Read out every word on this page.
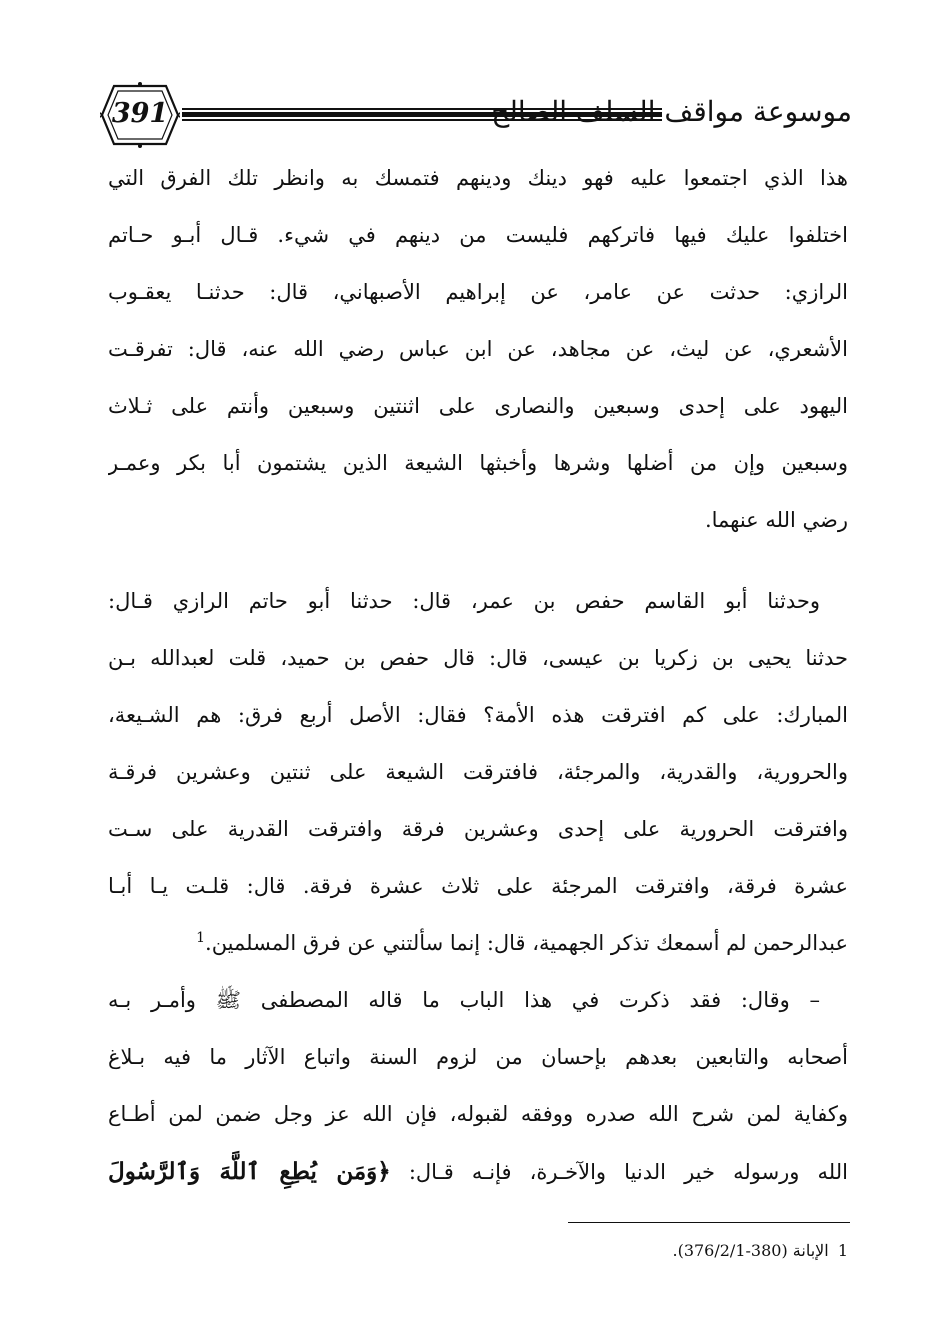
391	موسوعة مواقف السلف الصالح
هذا الذي اجتمعوا عليه فهو دينك ودينهم فتمسك به وانظر تلك الفرق التي
اختلفوا عليك فيها فاتركهم فليست من دينهم في شيء. قـال أبـو حـاتم
الرازي: حدثت عن عامر، عن إبراهيم الأصبهاني، قال: حدثنـا يعقـوب
الأشعري، عن ليث، عن مجاهد، عن ابن عباس رضي الله عنه، قال: تفرقـت
اليهود على إحدى وسبعين والنصارى على اثنتين وسبعين وأنتم على ثـلاث
وسبعين وإن من أضلها وشرها وأخبثها الشيعة الذين يشتمون أبا بكر وعمـر
رضي الله عنهما.
وحدثنا أبو القاسم حفص بن عمر، قال: حدثنا أبو حاتم الرازي قـال:
حدثنا يحيى بن زكريا بن عيسى، قال: قال حفص بن حميد، قلت لعبدالله بـن
المبارك: على كم افترقت هذه الأمة؟ فقال: الأصل أربع فرق: هم الشـيعة،
والحرورية، والقدرية، والمرجئة، فافترقت الشيعة على ثنتين وعشرين فرقـة
وافترقت الحرورية على إحدى وعشرين فرقة وافترقت القدرية على سـت
عشرة فرقة، وافترقت المرجئة على ثلاث عشرة فرقة. قال: قلـت يـا أبـا
عبدالرحمن لم أسمعك تذكر الجهمية، قال: إنما سألتني عن فرق المسلمين.$^1$
– وقال: فقد ذكرت في هذا الباب ما قاله المصطفى ﷺ وأمـر بـه
أصحابه والتابعين بعدهم بإحسان من لزوم السنة واتباع الآثار ما فيه بـلاغ
وكفاية لمن شرح الله صدره ووفقه لقبوله، فإن الله عز وجل ضمن لمن أطـاع
الله ورسوله خير الدنيا والآخـرة، فإنـه قـال: ﴿وَمَن يُطِعِ ٱللَّهَ وَٱلرَّسُولَ
1 الإبانة (380-376/2/1).
